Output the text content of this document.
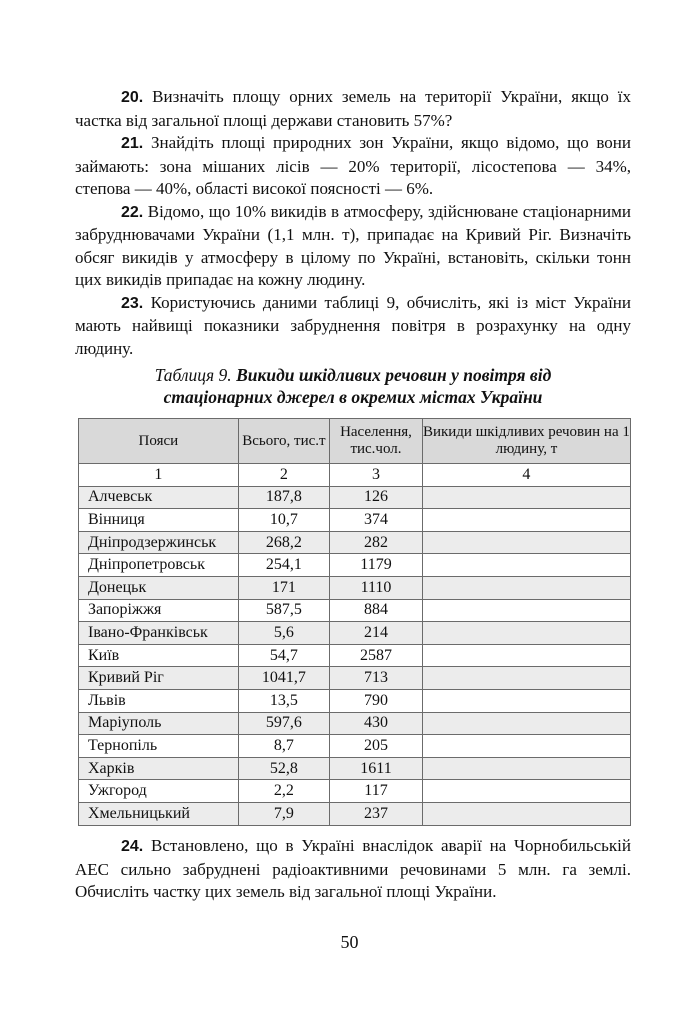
20. Визначіть площу орних земель на території України, якщо їх частка від загальної площі держави становить 57%?

21. Знайдіть площі природних зон України, якщо відомо, що вони займають: зона мішаних лісів — 20% території, лісостепова — 34%, степова — 40%, області високої поясності — 6%.

22. Відомо, що 10% викидів в атмосферу, здійснюване стаціонарними забруднювачами України (1,1 млн. т), припадає на Кривий Ріг. Визначіть обсяг викидів у атмосферу в цілому по Україні, встановіть, скільки тонн цих викидів припадає на кожну людину.

23. Користуючись даними таблиці 9, обчисліть, які із міст України мають найвищі показники забруднення повітря в розрахунку на одну людину.

Таблиця 9. Викиди шкідливих речовин у повітря від
стаціонарних джерел в окремих містах України
Пояси	Всього, тис.т	Населення, тис.чол.	Викиди шкідливих речовин на 1 людину, т
1	2	3	4
Алчевськ	187,8	126	
Вінниця	10,7	374	
Дніпродзержинськ	268,2	282	
Дніпропетровськ	254,1	1179	
Донецьк	171	1110	
Запоріжжя	587,5	884	
Івано-Франківськ	5,6	214	
Київ	54,7	2587	
Кривий Ріг	1041,7	713	
Львів	13,5	790	
Маріуполь	597,6	430	
Тернопіль	8,7	205	
Харків	52,8	1611	
Ужгород	2,2	117	
Хмельницький	7,9	237	

24. Встановлено, що в Україні внаслідок аварії на Чорнобильській АЕС сильно забруднені радіоактивними речовинами 5 млн. га землі. Обчисліть частку цих земель від загальної площі України.

50
